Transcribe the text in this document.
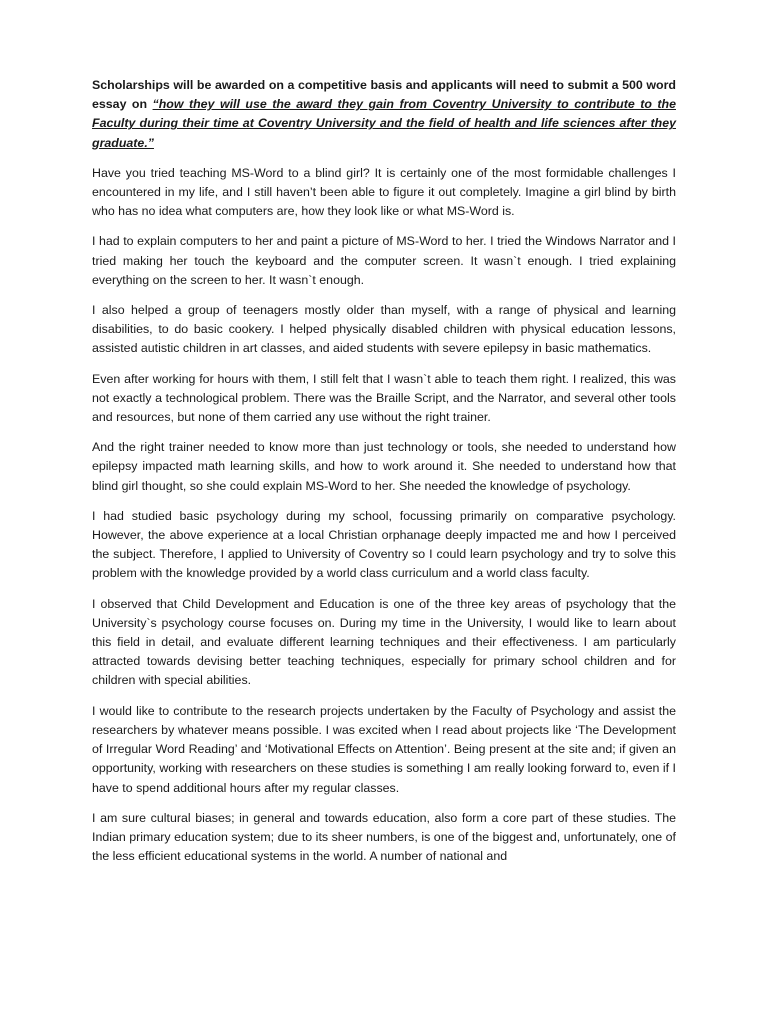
Scholarships will be awarded on a competitive basis and applicants will need to submit a 500 word essay on “how they will use the award they gain from Coventry University to contribute to the Faculty during their time at Coventry University and the field of health and life sciences after they graduate.”

Have you tried teaching MS-Word to a blind girl? It is certainly one of the most formidable challenges I encountered in my life, and I still haven’t been able to figure it out completely. Imagine a girl blind by birth who has no idea what computers are, how they look like or what MS-Word is.

I had to explain computers to her and paint a picture of MS-Word to her. I tried the Windows Narrator and I tried making her touch the keyboard and the computer screen. It wasn`t enough. I tried explaining everything on the screen to her. It wasn`t enough.

I also helped a group of teenagers mostly older than myself, with a range of physical and learning disabilities, to do basic cookery. I helped physically disabled children with physical education lessons, assisted autistic children in art classes, and aided students with severe epilepsy in basic mathematics.

Even after working for hours with them, I still felt that I wasn`t able to teach them right. I realized, this was not exactly a technological problem. There was the Braille Script, and the Narrator, and several other tools and resources, but none of them carried any use without the right trainer.

And the right trainer needed to know more than just technology or tools, she needed to understand how epilepsy impacted math learning skills, and how to work around it. She needed to understand how that blind girl thought, so she could explain MS-Word to her. She needed the knowledge of psychology.

I had studied basic psychology during my school, focussing primarily on comparative psychology. However, the above experience at a local Christian orphanage deeply impacted me and how I perceived the subject. Therefore, I applied to University of Coventry so I could learn psychology and try to solve this problem with the knowledge provided by a world class curriculum and a world class faculty.

I observed that Child Development and Education is one of the three key areas of psychology that the University`s psychology course focuses on. During my time in the University, I would like to learn about this field in detail, and evaluate different learning techniques and their effectiveness. I am particularly attracted towards devising better teaching techniques, especially for primary school children and for children with special abilities.

I would like to contribute to the research projects undertaken by the Faculty of Psychology and assist the researchers by whatever means possible. I was excited when I read about projects like ‘The Development of Irregular Word Reading’ and ‘Motivational Effects on Attention’. Being present at the site and; if given an opportunity, working with researchers on these studies is something I am really looking forward to, even if I have to spend additional hours after my regular classes.

I am sure cultural biases; in general and towards education, also form a core part of these studies. The Indian primary education system; due to its sheer numbers, is one of the biggest and, unfortunately, one of the less efficient educational systems in the world. A number of national and
